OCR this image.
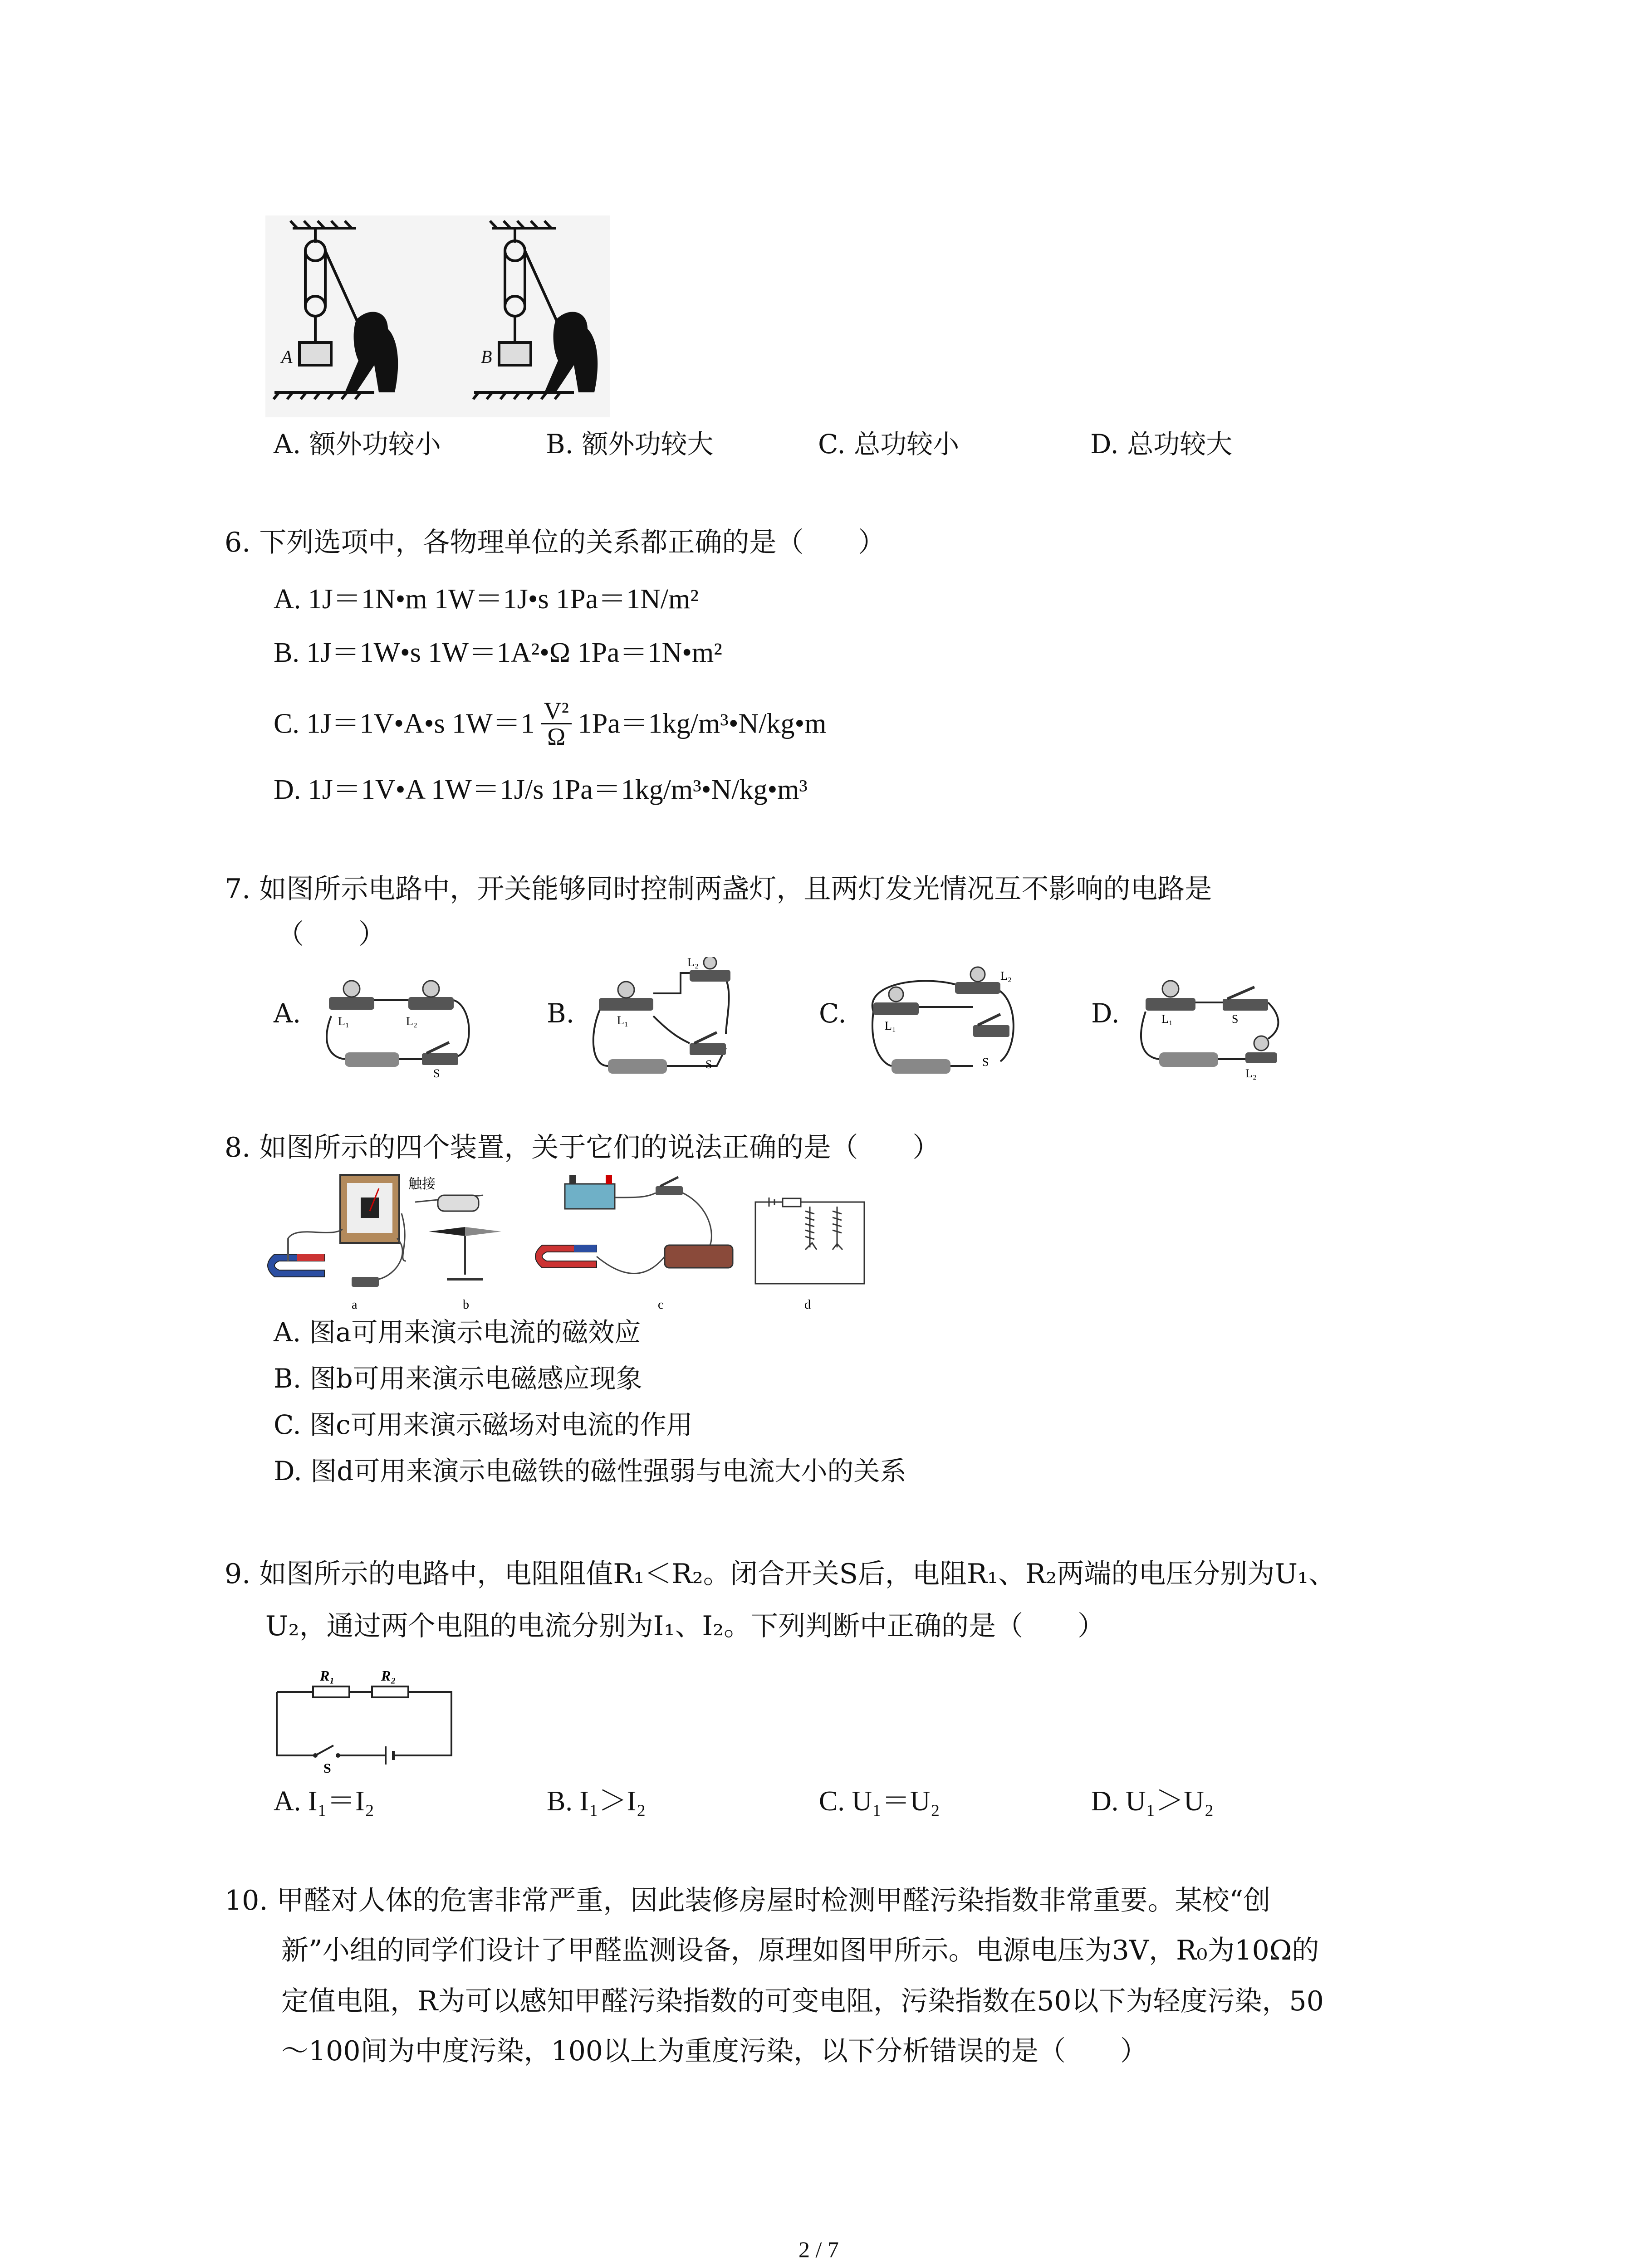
A	B
A. 额外功较小	B. 额外功较大	C. 总功较小	D. 总功较大
6. 下列选项中，各物理单位的关系都正确的是（　　）
A. 1J＝1N•m 1W＝1J•s 1Pa＝1N/m²
B. 1J＝1W•s 1W＝1A²•Ω 1Pa＝1N•m²
C. 1J＝1V•A•s $1W=1 \frac{\text{V²}}{\Omega}$ 1Pa＝1kg/m³•N/kg•m
D. 1J＝1V•A 1W＝1J/s 1Pa＝1kg/m³•N/kg•m³
7. 如图所示电路中，开关能够同时控制两盏灯，且两灯发光情况互不影响的电路是
（　　）
A.	B.	C.	D.
L₁	L₂
S
L₁
L₂
S
L₁
L₂
S
L₁	S
L₂
8. 如图所示的四个装置，关于它们的说法正确的是（　　）
a
触接
b	c	d
A. 图a可用来演示电流的磁效应
B. 图b可用来演示电磁感应现象
C. 图c可用来演示磁场对电流的作用
D. 图d可用来演示电磁铁的磁性强弱与电流大小的关系
9. 如图所示的电路中，电阻阻值R₁＜R₂。闭合开关S后，电阻R₁、R₂两端的电压分别为U₁、
U₂，通过两个电阻的电流分别为I₁、I₂。下列判断中正确的是（　　）
R₁	R₂
S
A. I₁＝I₂	B. I₁＞I₂	C. U₁＝U₂	D. U₁＞U₂
10. 甲醛对人体的危害非常严重，因此装修房屋时检测甲醛污染指数非常重要。某校“创
新”小组的同学们设计了甲醛监测设备，原理如图甲所示。电源电压为3V，R₀为10Ω的
定值电阻，R为可以感知甲醛污染指数的可变电阻，污染指数在50以下为轻度污染，50
～100间为中度污染，100以上为重度污染，以下分析错误的是（　　）
2 / 7
